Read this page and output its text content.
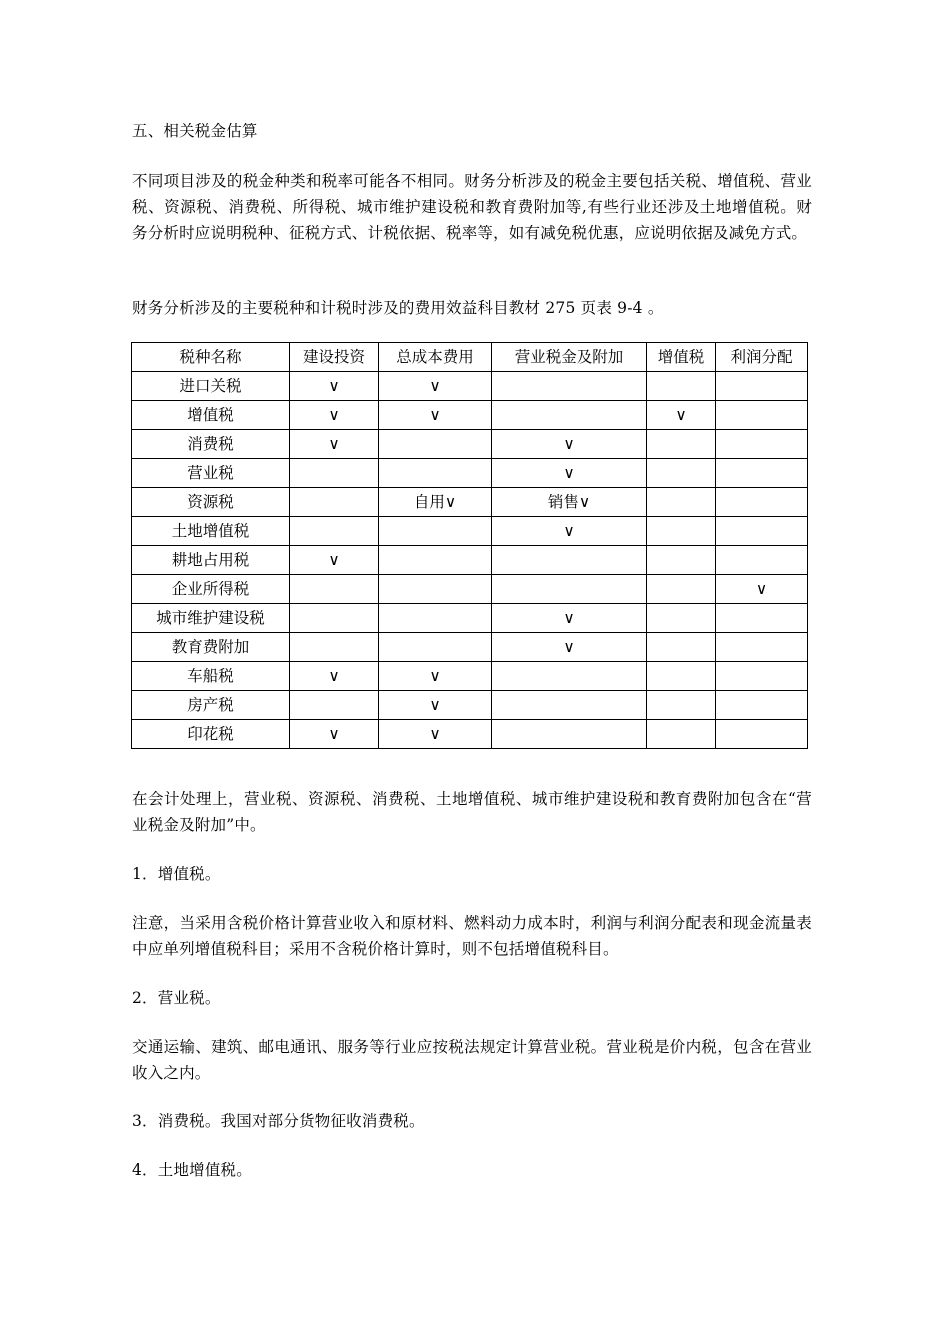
五、相关税金估算

不同项目涉及的税金种类和税率可能各不相同。财务分析涉及的税金主要包括关税、增值税、营业税、资源税、消费税、所得税、城市维护建设税和教育费附加等,有些行业还涉及土地增值税。财务分析时应说明税种、征税方式、计税依据、税率等，如有减免税优惠，应说明依据及减免方式。

财务分析涉及的主要税种和计税时涉及的费用效益科目教材 275 页表 9-4 。

税种名称	建设投资	总成本费用	营业税金及附加	增值税	利润分配
进口关税	∨	∨			
增值税	∨	∨		∨	
消费税	∨		∨		
营业税			∨		
资源税		自用∨	销售∨		
土地增值税			∨		
耕地占用税	∨				
企业所得税					∨
城市维护建设税			∨		
教育费附加			∨		
车船税	∨	∨			
房产税		∨			
印花税	∨	∨			

在会计处理上，营业税、资源税、消费税、土地增值税、城市维护建设税和教育费附加包含在“营业税金及附加”中。

1．增值税。

注意，当采用含税价格计算营业收入和原材料、燃料动力成本时，利润与利润分配表和现金流量表中应单列增值税科目；采用不含税价格计算时，则不包括增值税科目。

2．营业税。

交通运输、建筑、邮电通讯、服务等行业应按税法规定计算营业税。营业税是价内税，包含在营业收入之内。

3．消费税。我国对部分货物征收消费税。

4．土地增值税。
